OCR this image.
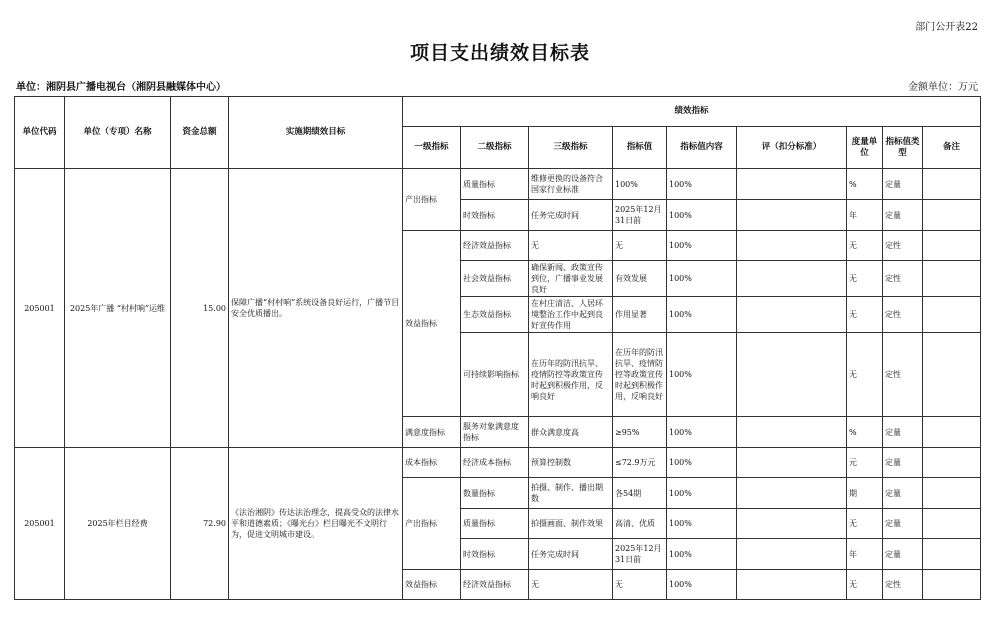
部门公开表22
项目支出绩效目标表
单位：湘阴县广播电视台（湘阴县融媒体中心）	金额单位：万元
单位代码	单位（专项）名称	资金总额	实施期绩效目标	绩效指标								
				一级指标	二级指标	三级指标	指标值	指标值内容	评（扣分标准）	度量单位	指标值类型	备注
205001	2025年广播 “村村响”运维	15.00	保障广播“村村响”系统设备良好运行，广播节目安全优质播出。	产出指标	质量指标	维修更换的设备符合国家行业标准	100%	100%		%	定量	
					时效指标	任务完成时间	2025年12月31日前	100%		年	定量	
				效益指标	经济效益指标	无	无	100%		无	定性	
					社会效益指标	确保新闻、政策宣传到位，广播事业发展良好	有效发展	100%		无	定性	
					生态效益指标	在村庄清洁、人居环境整治工作中起到良好宣传作用	作用显著	100%		无	定性	
					可持续影响指标	在历年的防汛抗旱、疫情防控等政策宣传时起到积极作用，反响良好	在历年的防汛抗旱、疫情防控等政策宣传时起到积极作用，反响良好	100%		无	定性	
				满意度指标	服务对象满意度指标	群众满意度高	≥95%	100%		%	定量	
205001	2025年栏目经费	72.90	《法治湘阴》传达法治理念，提高受众的法律水平和道德素质；《曝光台》栏目曝光不文明行为，促进文明城市建设。	成本指标	经济成本指标	预算控制数	≤72.9万元	100%		元	定量	
				产出指标	数量指标	拍摄、制作、播出期数	各54期	100%		期	定量	
					质量指标	拍摄画面、制作效果	高清、优质	100%		无	定量	
					时效指标	任务完成时间	2025年12月31日前	100%		年	定量	
				效益指标	经济效益指标	无	无	100%		无	定性	
